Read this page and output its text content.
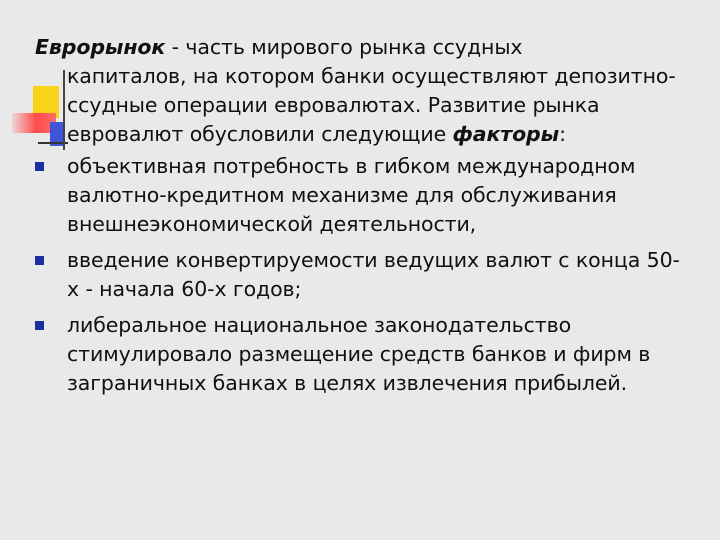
Еврорынок - часть мирового рынка ссудных
капиталов, на котором банки осуществляют депозитно-ссудные операции евровалютах. Развитие рынка евровалют обусловили следующие факторы:

объективная потребность в гибком международном валютно-кредитном механизме для обслуживания внешнеэкономической деятельности,
введение конвертируемости ведущих валют с конца 50-х - начала 60-х годов;
либеральное национальное законодательство стимулировало размещение средств банков и фирм в заграничных банках в целях извлечения прибылей.
